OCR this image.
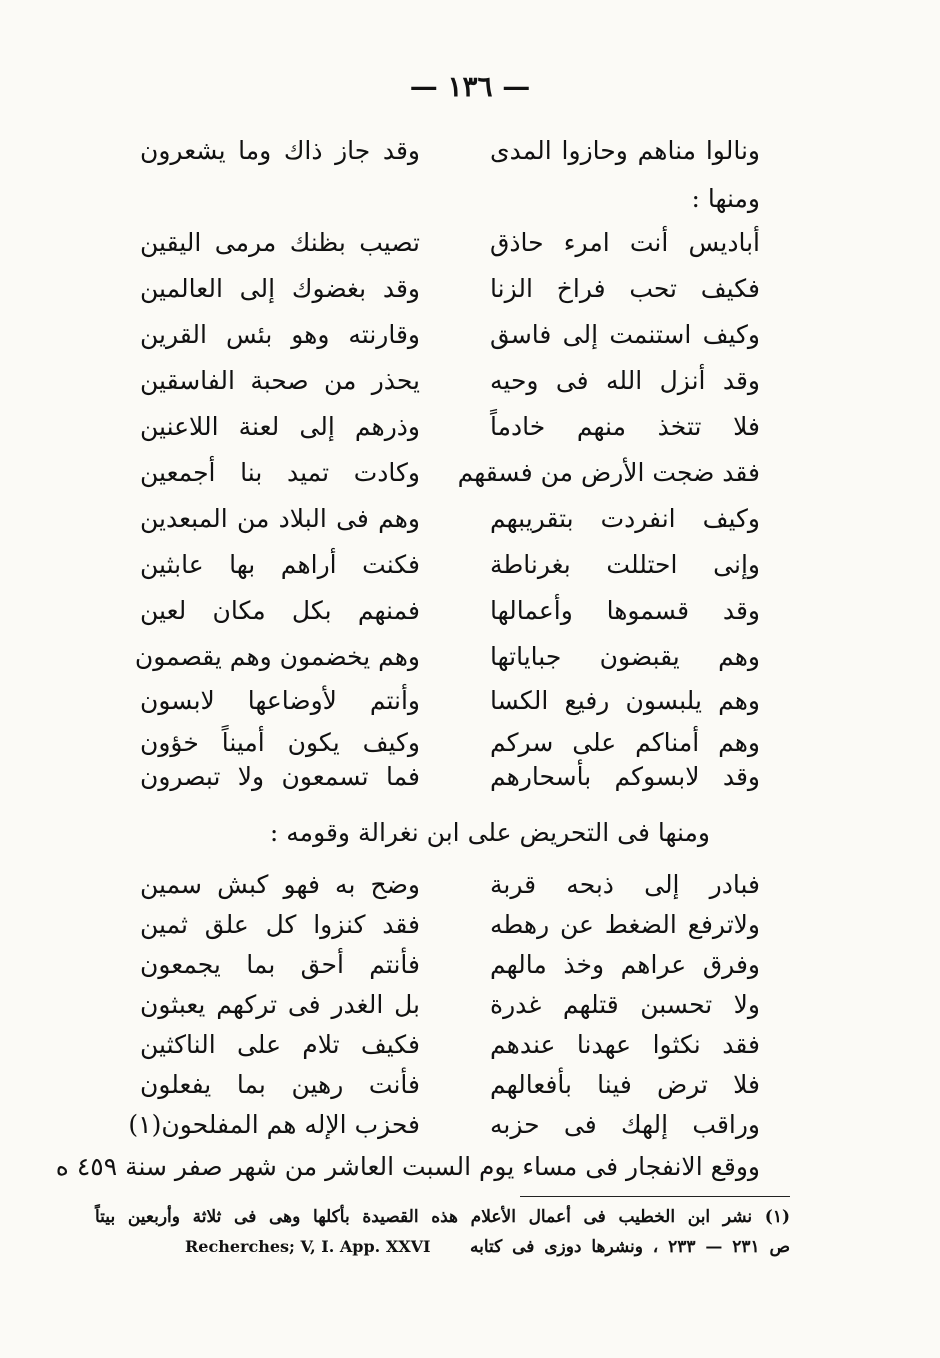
— ١٣٦ —
ونالوا مناهم وحازوا المدى
وقد جاز ذاك وما يشعرون
ومنها :
أباديس أنت امرء حاذق
تصيب بظنك مرمى اليقين
فكيف تحب فراخ الزنا
وقد بغضوك إلى العالمين
وكيف استنمت إلى فاسق
وقارنته وهو بئس القرين
وقد أنزل الله فى وحيه
يحذر من صحبة الفاسقين
فلا تتخذ منهم خادماً
وذرهم إلى لعنة اللاعنين
فقد ضجت الأرض من فسقهم
وكادت تميد بنا أجمعين
وكيف انفردت بتقريبهم
وهم فى البلاد من المبعدين
وإنى احتللت بغرناطة
فكنت أراهم بها عابثين
وقد قسموها وأعمالها
فمنهم بكل مكان لعين
وهم يقبضون جباياتها
وهم يخضمون وهم يقصمون
وهم يلبسون رفيع الكسا
وأنتم لأوضاعها لابسون
وهم أمناكم على سركم
وكيف يكون أميناً خؤون
وقد لابسوكم بأسحارهم
فما تسمعون ولا تبصرون
ومنها فى التحريض على ابن نغرالة وقومه :
فبادر إلى ذبحه قربة
وضح به فهو كبش سمين
ولاترفع الضغط عن رهطه
فقد كنزوا كل علق ثمين
وفرق عراهم وخذ مالهم
فأنتم أحق بما يجمعون
ولا تحسبن قتلهم غدرة
بل الغدر فى تركهم يعبثون
فقد نكثوا عهدنا عندهم
فكيف تلام على الناكثين
فلا ترض فينا بأفعالهم
فأنت رهين بما يفعلون
وراقب إلهك فى حزبه
فحزب الإله هم المفلحون(١)
ووقع الانفجار فى مساء يوم السبت العاشر من شهر صفر سنة ٤٥٩ ه
(١) نشر ابن الخطيب فى أعمال الأعلام هذه القصيدة بأكلها وهى فى ثلاثة وأربعين بيتاً
ص ٢٣١ — ٢٣٣ ، ونشرها دوزى فى كتابه
Recherches; V, I. App. XXVI
